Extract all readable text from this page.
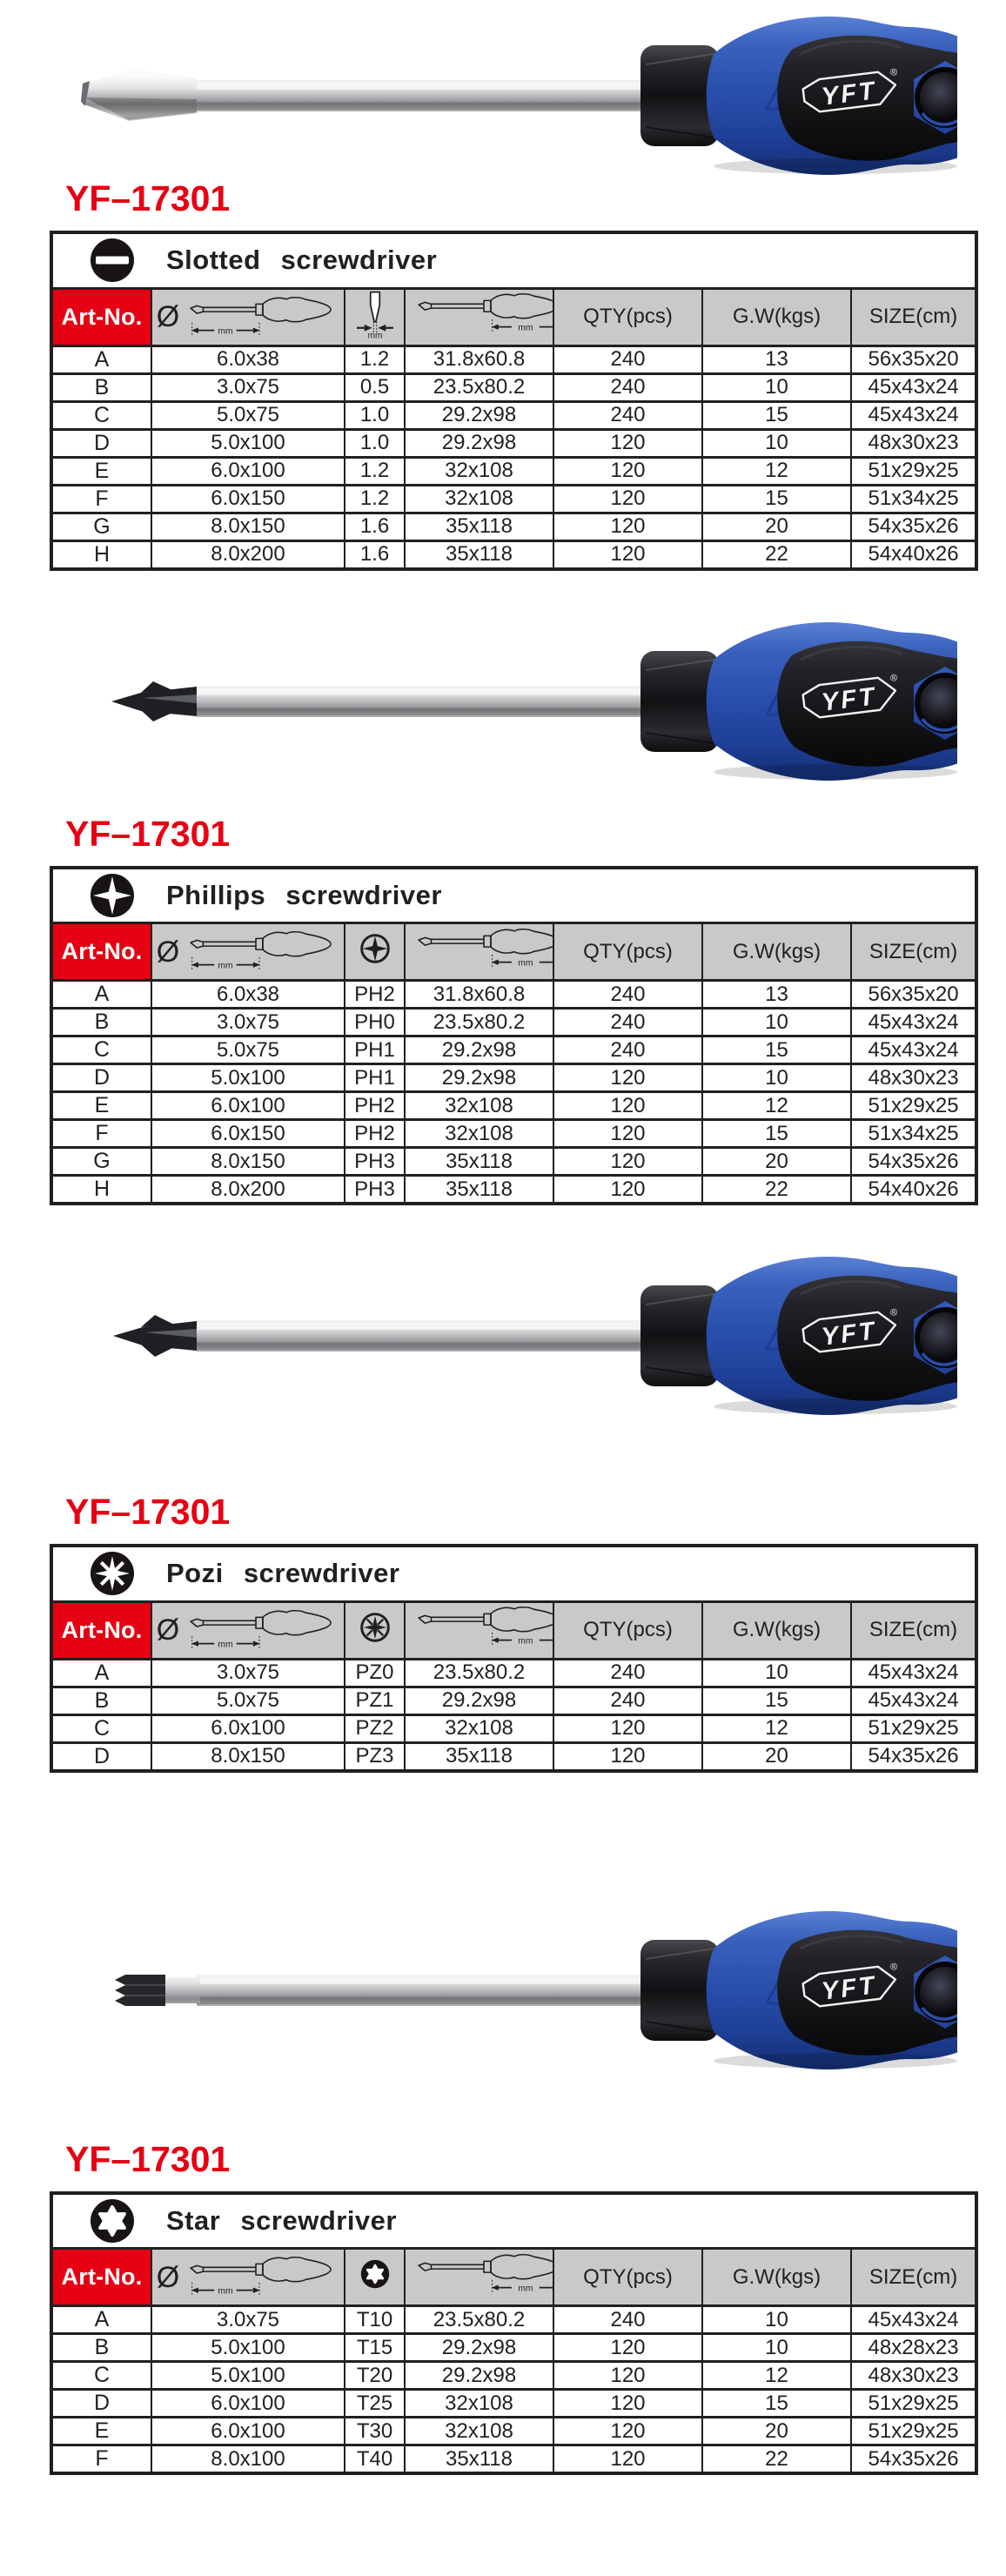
YF–17301
Slotted screwdriver						

Art-No.	Ø			QTY(pcs)	G.W(kgs)	SIZE(cm)
A	6.0x38	1.2	31.8x60.8	240	13	56x35x20
B	3.0x75	0.5	23.5x80.2	240	10	45x43x24
C	5.0x75	1.0	29.2x98	240	15	45x43x24
D	5.0x100	1.0	29.2x98	120	10	48x30x23
E	6.0x100	1.2	32x108	120	12	51x29x25
F	6.0x150	1.2	32x108	120	15	51x34x25
G	8.0x150	1.6	35x118	120	20	54x35x26
H	8.0x200	1.6	35x118	120	22	54x40x26
YF–17301
Phillips screwdriver						

Art-No.	Ø			QTY(pcs)	G.W(kgs)	SIZE(cm)
A	6.0x38	PH2	31.8x60.8	240	13	56x35x20
B	3.0x75	PH0	23.5x80.2	240	10	45x43x24
C	5.0x75	PH1	29.2x98	240	15	45x43x24
D	5.0x100	PH1	29.2x98	120	10	48x30x23
E	6.0x100	PH2	32x108	120	12	51x29x25
F	6.0x150	PH2	32x108	120	15	51x34x25
G	8.0x150	PH3	35x118	120	20	54x35x26
H	8.0x200	PH3	35x118	120	22	54x40x26
YF–17301
Pozi screwdriver						

Art-No.	Ø			QTY(pcs)	G.W(kgs)	SIZE(cm)
A	3.0x75	PZ0	23.5x80.2	240	10	45x43x24
B	5.0x75	PZ1	29.2x98	240	15	45x43x24
C	6.0x100	PZ2	32x108	120	12	51x29x25
D	8.0x150	PZ3	35x118	120	20	54x35x26
YF–17301
Star screwdriver						

Art-No.	Ø			QTY(pcs)	G.W(kgs)	SIZE(cm)
A	3.0x75	T10	23.5x80.2	240	10	45x43x24
B	5.0x100	T15	29.2x98	120	10	48x28x23
C	5.0x100	T20	29.2x98	120	12	48x30x23
D	6.0x100	T25	32x108	120	15	51x29x25
E	6.0x100	T30	32x108	120	20	51x29x25
F	8.0x100	T40	35x118	120	22	54x35x26
